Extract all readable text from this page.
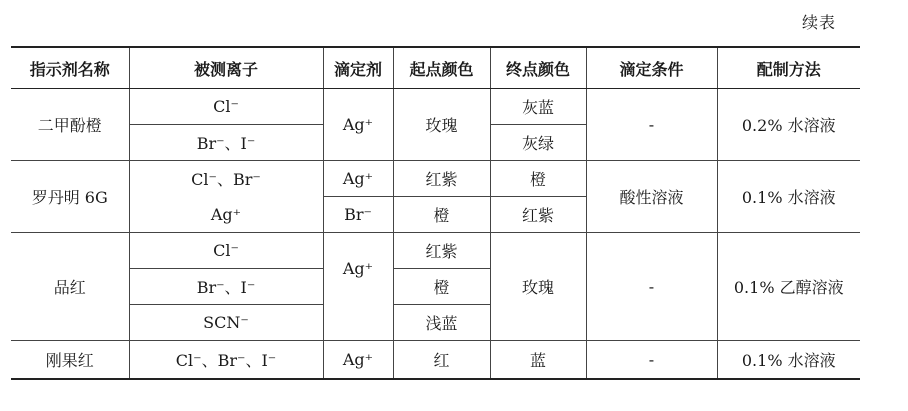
续表
指示剂名称	被测离子	滴定剂	起点颜色	终点颜色	滴定条件	配制方法
二甲酚橙	Cl⁻	Ag⁺	玫瑰	灰蓝	-	0.2% 水溶液
	Br⁻、I⁻			灰绿		
罗丹明 6G	Cl⁻、Br⁻	Ag⁺	红紫	橙	酸性溶液	0.1% 水溶液
	Ag⁺	Br⁻	橙	红紫		
品红	Cl⁻	Ag⁺	红紫	玫瑰	-	0.1% 乙醇溶液
	Br⁻、I⁻		橙			
	SCN⁻		浅蓝			
刚果红	Cl⁻、Br⁻、I⁻	Ag⁺	红	蓝	-	0.1% 水溶液
